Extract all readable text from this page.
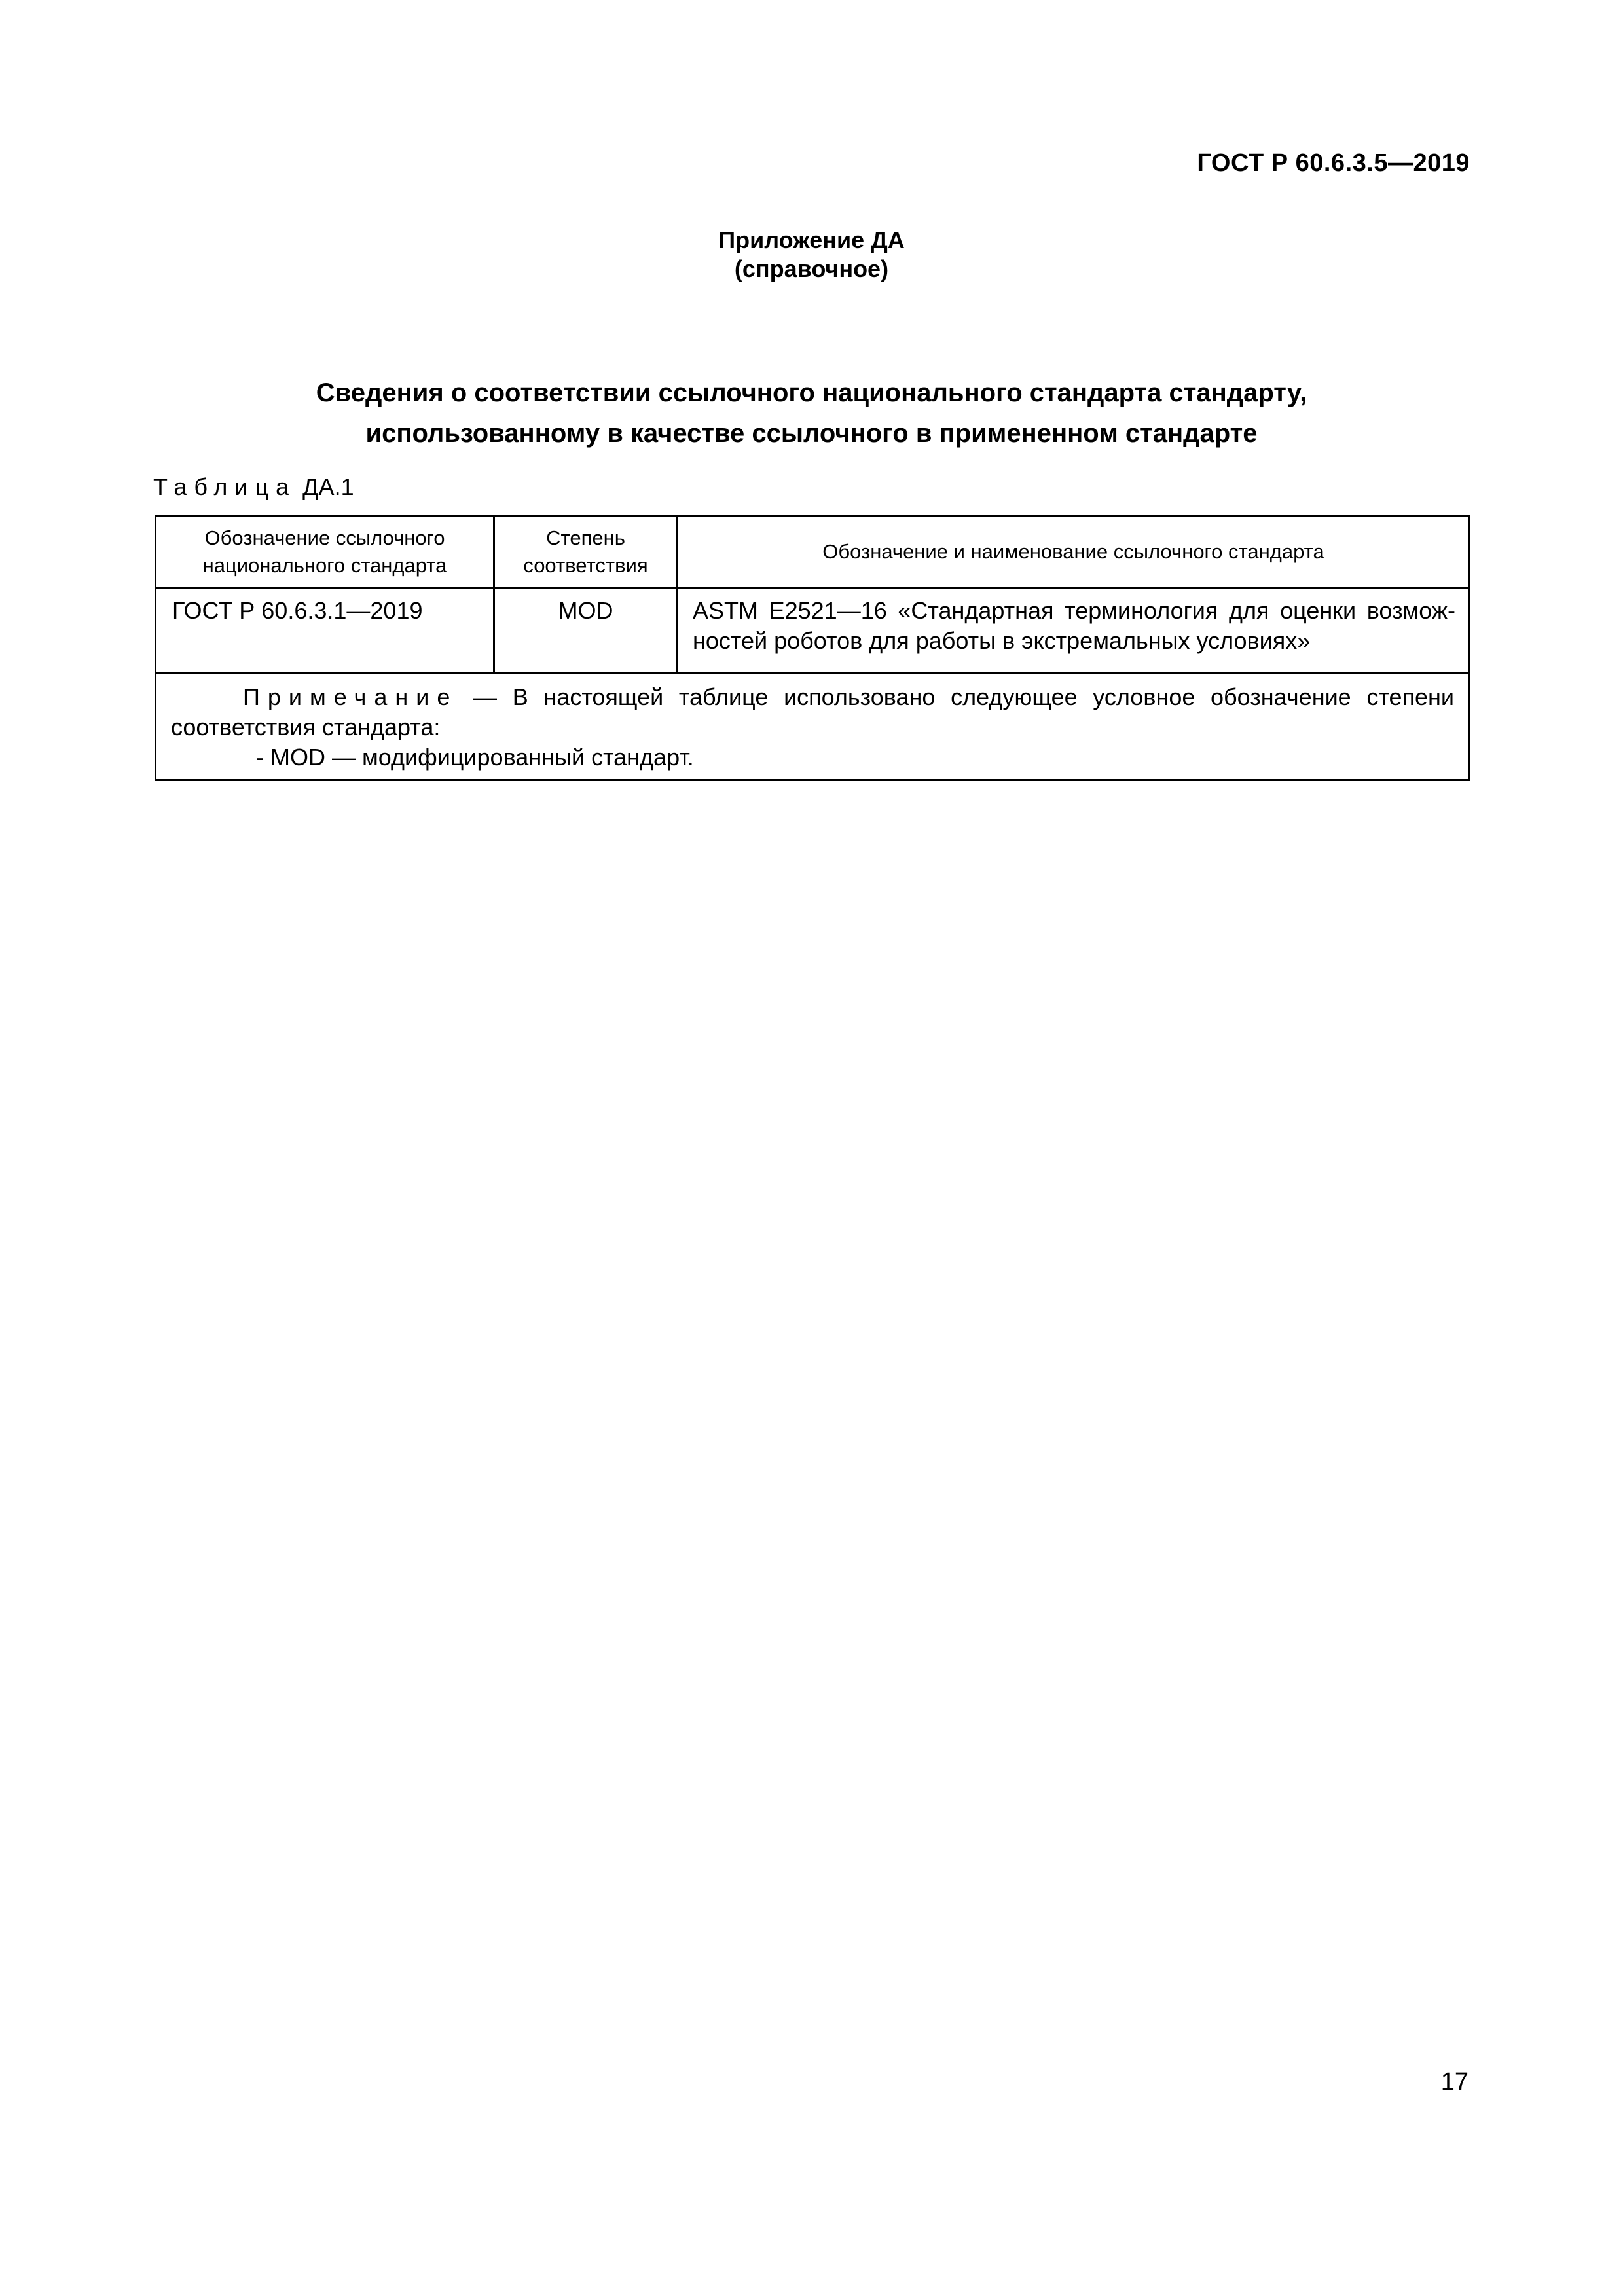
ГОСТ Р 60.6.3.5—2019
Приложение ДА
(справочное)
Сведения о соответствии ссылочного национального стандарта стандарту,
использованному в качестве ссылочного в примененном стандарте
Таблица ДА.1
Обозначение ссылочного национального стандарта	Степень соответствия	Обозначение и наименование ссылочного стандарта
ГОСТ Р 60.6.3.1—2019	MOD	ASTM E2521—16 «Стандартная терминология для оценки возмож-ностей роботов для работы в экстремальных условиях»

Примечание — В настоящей таблице использовано следующее условное обозначение степени соответствия стандарта:
- MOD — модифицированный стандарт.		
17
